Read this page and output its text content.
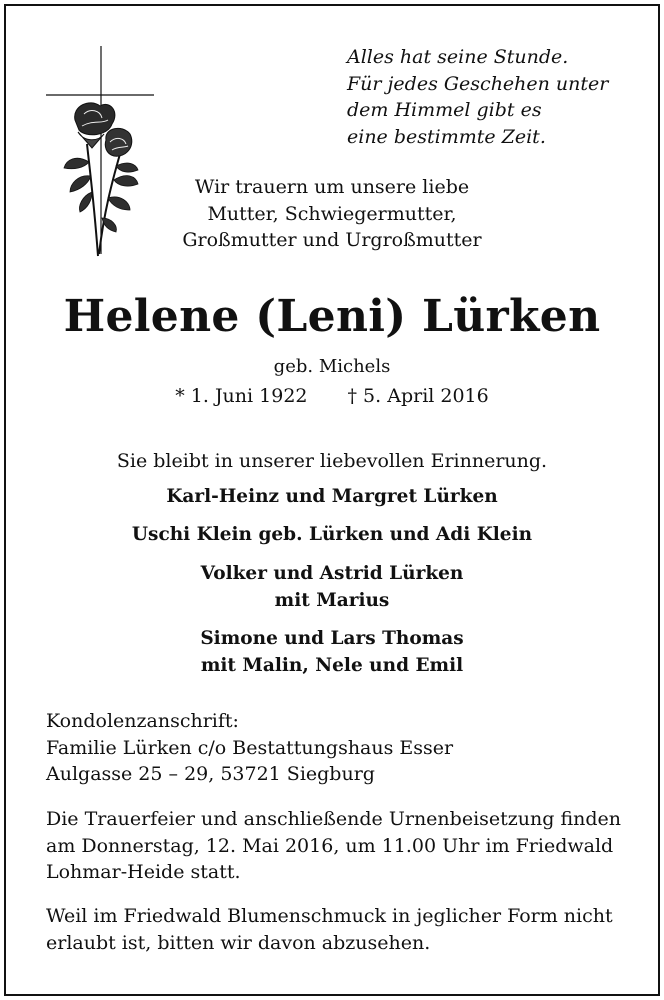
Alles hat seine Stunde.
Für jedes Geschehen unter
dem Himmel gibt es
eine bestimmte Zeit.
Wir trauern um unsere liebe
Mutter, Schwiegermutter,
Großmutter und Urgroßmutter
Helene (Leni) Lürken
geb. Michels
* 1. Juni 1922 † 5. April 2016
Sie bleibt in unserer liebevollen Erinnerung.
Karl-Heinz und Margret Lürken
Uschi Klein geb. Lürken und Adi Klein
Volker und Astrid Lürken
mit Marius
Simone und Lars Thomas
mit Malin, Nele und Emil
Kondolenzanschrift:
Familie Lürken c/o Bestattungshaus Esser
Aulgasse 25 – 29, 53721 Siegburg
Die Trauerfeier und anschließende Urnenbeisetzung finden
am Donnerstag, 12. Mai 2016, um 11.00 Uhr im Friedwald
Lohmar-Heide statt.
Weil im Friedwald Blumenschmuck in jeglicher Form nicht
erlaubt ist, bitten wir davon abzusehen.
